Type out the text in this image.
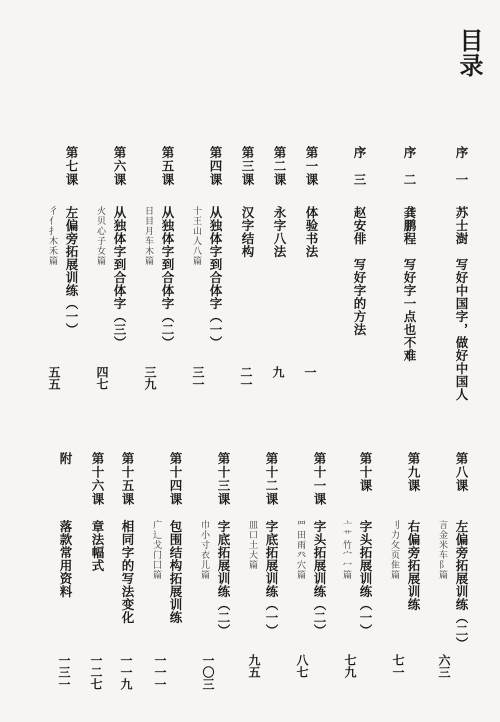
目录
序　一
苏士澍　写好中国字，做好中国人
序　二
龚鹏程　写好字一点也不难
序　三
赵安俳　写好字的方法
第一课
体验书法
一
第二课
永字八法
九
第三课
汉字结构
二一
第四课
从独体字到合体字（一）
十王山人八篇
三一
第五课
从独体字到合体字（二）
日目月车木篇
三九
第六课
从独体字到合体字（三）
火贝心子女篇
四七
第七课
左偏旁拓展训练（一）
彳亻扌木禾篇
五五
第八课
左偏旁拓展训练（二）
言金米车阝篇
六三
第九课
右偏旁拓展训练
刂力攵页隹篇
七一
第十课
字头拓展训练（一）
亠艹竹宀冖篇
七九
第十一课
字头拓展训练（二）
罒田雨癶穴篇
八七
第十二课
字底拓展训练（一）
皿口土大篇
九五
第十三课
字底拓展训练（二）
巾小寸衣儿篇
一〇三
第十四课
包围结构拓展训练
广辶戈门囗篇
一一一
第十五课
相同字的写法变化
一一九
第十六课
章法幅式
一二七
附
落款常用资料
一三一
